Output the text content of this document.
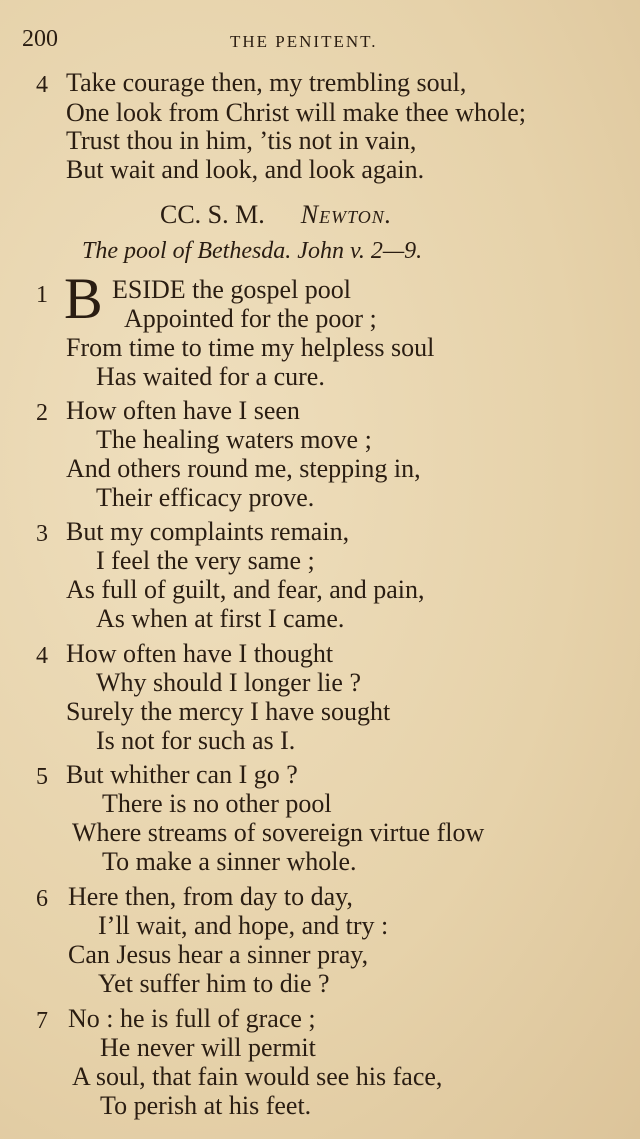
200	THE PENITENT.
4 Take courage then, my trembling soul,
One look from Christ will make thee whole;
Trust thou in him, ’tis not in vain,
But wait and look, and look again.
CC. S. M. Newton.
The pool of Bethesda. John v. 2—9.
1 B ESIDE the gospel pool
Appointed for the poor ;
From time to time my helpless soul
Has waited for a cure.
2 How often have I seen
The healing waters move ;
And others round me, stepping in,
Their efficacy prove.
3 But my complaints remain,
I feel the very same ;
As full of guilt, and fear, and pain,
As when at first I came.
4 How often have I thought
Why should I longer lie ?
Surely the mercy I have sought
Is not for such as I.
5 But whither can I go ?
There is no other pool
Where streams of sovereign virtue flow
To make a sinner whole.
6 Here then, from day to day,
I’ll wait, and hope, and try :
Can Jesus hear a sinner pray,
Yet suffer him to die ?
7 No : he is full of grace ;
He never will permit
A soul, that fain would see his face,
To perish at his feet.
